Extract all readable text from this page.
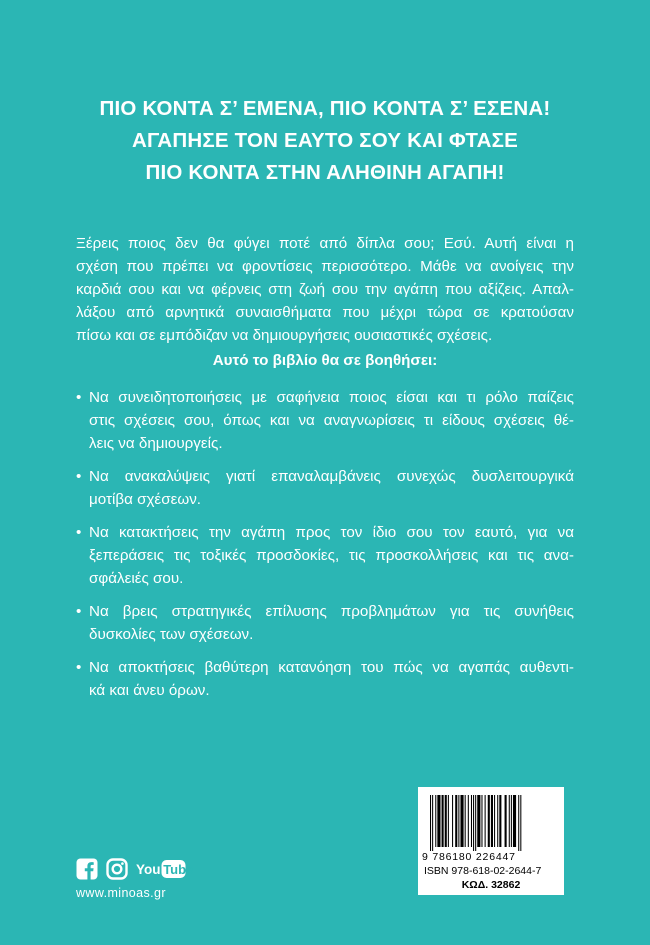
ΠΙΟ ΚΟΝΤΑ Σ’ ΕΜΕΝΑ, ΠΙΟ ΚΟΝΤΑ Σ’ ΕΣΕΝΑ!
ΑΓΑΠΗΣΕ ΤΟΝ ΕΑΥΤΟ ΣΟΥ ΚΑΙ ΦΤΑΣΕ
ΠΙΟ ΚΟΝΤΑ ΣΤΗΝ ΑΛΗΘΙΝΗ ΑΓΑΠΗ!
Ξέρεις ποιος δεν θα φύγει ποτέ από δίπλα σου; Εσύ. Αυτή είναι η
σχέση που πρέπει να φροντίσεις περισσότερο. Μάθε να ανοίγεις την
καρδιά σου και να φέρνεις στη ζωή σου την αγάπη που αξίζεις. Απαλ-
λάξου από αρνητικά συναισθήματα που μέχρι τώρα σε κρατούσαν
πίσω και σε εμπόδιζαν να δημιουργήσεις ουσιαστικές σχέσεις.
Αυτό το βιβλίο θα σε βοηθήσει:
• Να συνειδητοποιήσεις με σαφήνεια ποιος είσαι και τι ρόλο παίζεις
στις σχέσεις σου, όπως και να αναγνωρίσεις τι είδους σχέσεις θέ-
λεις να δημιουργείς.
• Να ανακαλύψεις γιατί επαναλαμβάνεις συνεχώς δυσλειτουργικά
μοτίβα σχέσεων.
• Να κατακτήσεις την αγάπη προς τον ίδιο σου τον εαυτό, για να
ξεπεράσεις τις τοξικές προσδοκίες, τις προσκολλήσεις και τις ανα-
σφάλειές σου.
• Να βρεις στρατηγικές επίλυσης προβλημάτων για τις συνήθεις
δυσκολίες των σχέσεων.
• Να αποκτήσεις βαθύτερη κατανόηση του πώς να αγαπάς αυθεντι-
κά και άνευ όρων.
You Tube
www.minoas.gr
9 786180 226447
ISBN 978-618-02-2644-7
ΚΩΔ. 32862
